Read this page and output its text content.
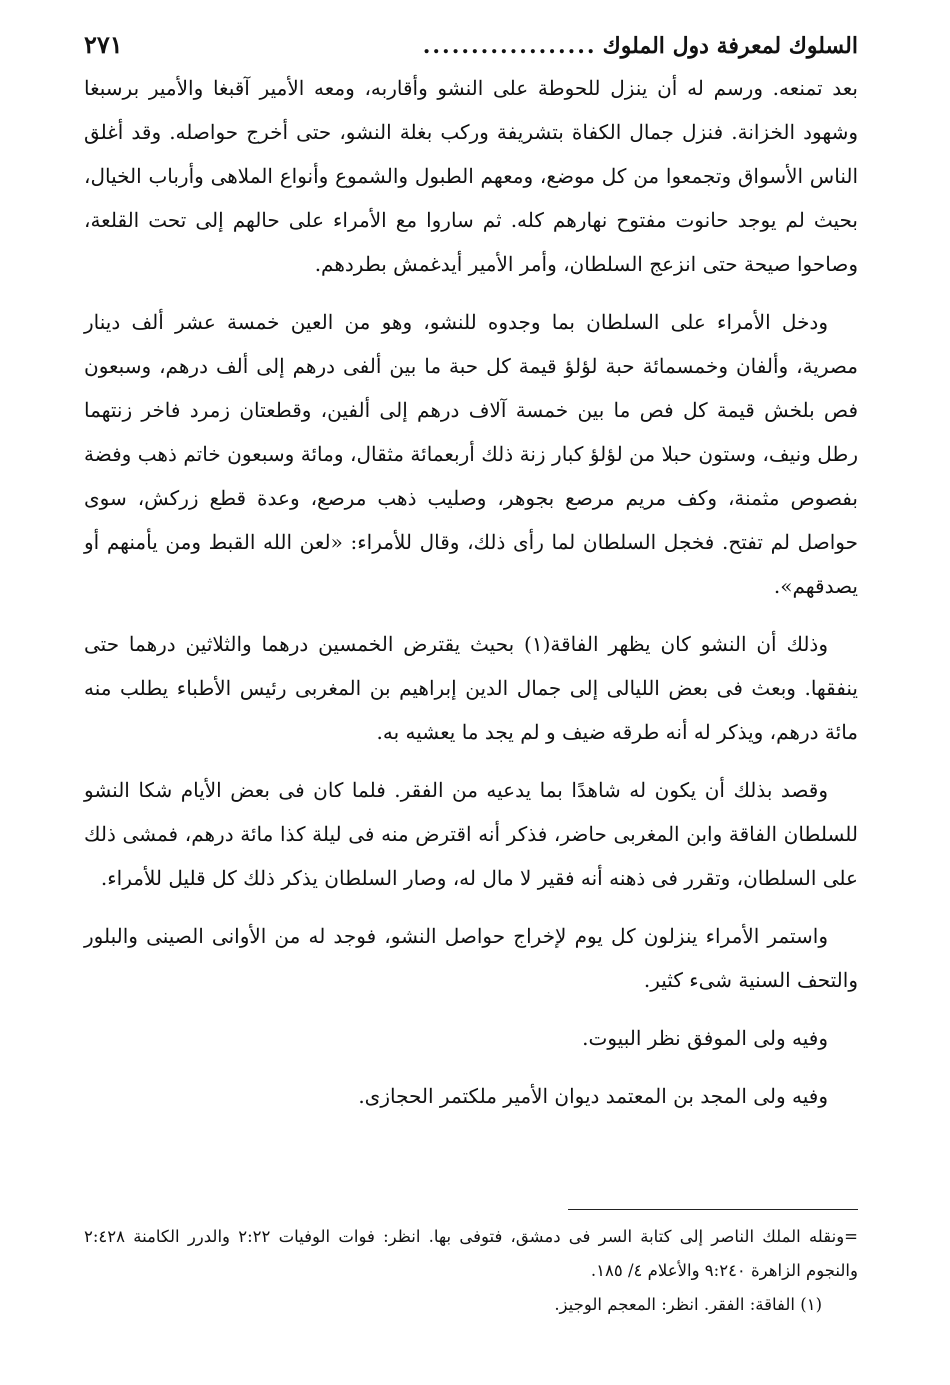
السلوك لمعرفة دول الملوك
..................
٢٧١

بعد تمنعه. ورسم له أن ينزل للحوطة على النشو وأقاربه، ومعه الأمير آقبغا والأمير برسبغا وشهود الخزانة. فنزل جمال الكفاة بتشريفة وركب بغلة النشو، حتى أخرج حواصله. وقد أغلق الناس الأسواق وتجمعوا من كل موضع، ومعهم الطبول والشموع وأنواع الملاهى وأرباب الخيال، بحيث لم يوجد حانوت مفتوح نهارهم كله. ثم ساروا مع الأمراء على حالهم إلى تحت القلعة، وصاحوا صيحة حتى انزعج السلطان، وأمر الأمير أيدغمش بطردهم.

ودخل الأمراء على السلطان بما وجدوه للنشو، وهو من العين خمسة عشر ألف دينار مصرية، وألفان وخمسمائة حبة لؤلؤ قيمة كل حبة ما بين ألفى درهم إلى ألف درهم، وسبعون فص بلخش قيمة كل فص ما بين خمسة آلاف درهم إلى ألفين، وقطعتان زمرد فاخر زنتهما رطل ونيف، وستون حبلا من لؤلؤ كبار زنة ذلك أربعمائة مثقال، ومائة وسبعون خاتم ذهب وفضة بفصوص مثمنة، وكف مريم مرصع بجوهر، وصليب ذهب مرصع، وعدة قطع زركش، سوى حواصل لم تفتح. فخجل السلطان لما رأى ذلك، وقال للأمراء: «لعن الله القبط ومن يأمنهم أو يصدقهم».

وذلك أن النشو كان يظهر الفاقة(١) بحيث يقترض الخمسين درهما والثلاثين درهما حتى ينفقها. وبعث فى بعض الليالى إلى جمال الدين إبراهيم بن المغربى رئيس الأطباء يطلب منه مائة درهم، ويذكر له أنه طرقه ضيف و لم يجد ما يعشيه به.

وقصد بذلك أن يكون له شاهدًا بما يدعيه من الفقر. فلما كان فى بعض الأيام شكا النشو للسلطان الفاقة وابن المغربى حاضر، فذكر أنه اقترض منه فى ليلة كذا مائة درهم، فمشى ذلك على السلطان، وتقرر فى ذهنه أنه فقير لا مال له، وصار السلطان يذكر ذلك كل قليل للأمراء.

واستمر الأمراء ينزلون كل يوم لإخراج حواصل النشو، فوجد له من الأوانى الصينى والبلور والتحف السنية شىء كثير.

وفيه ولى الموفق نظر البيوت.

وفيه ولى المجد بن المعتمد ديوان الأمير ملكتمر الحجازى.

=ونقله الملك الناصر إلى كتابة السر فى دمشق، فتوفى بها. انظر: فوات الوفيات ٢:٢٢ والدرر الكامنة ٢:٤٢٨ والنجوم الزاهرة ٩:٢٤٠ والأعلام ٤/ ١٨٥.

(١) الفاقة: الفقر. انظر: المعجم الوجيز.
